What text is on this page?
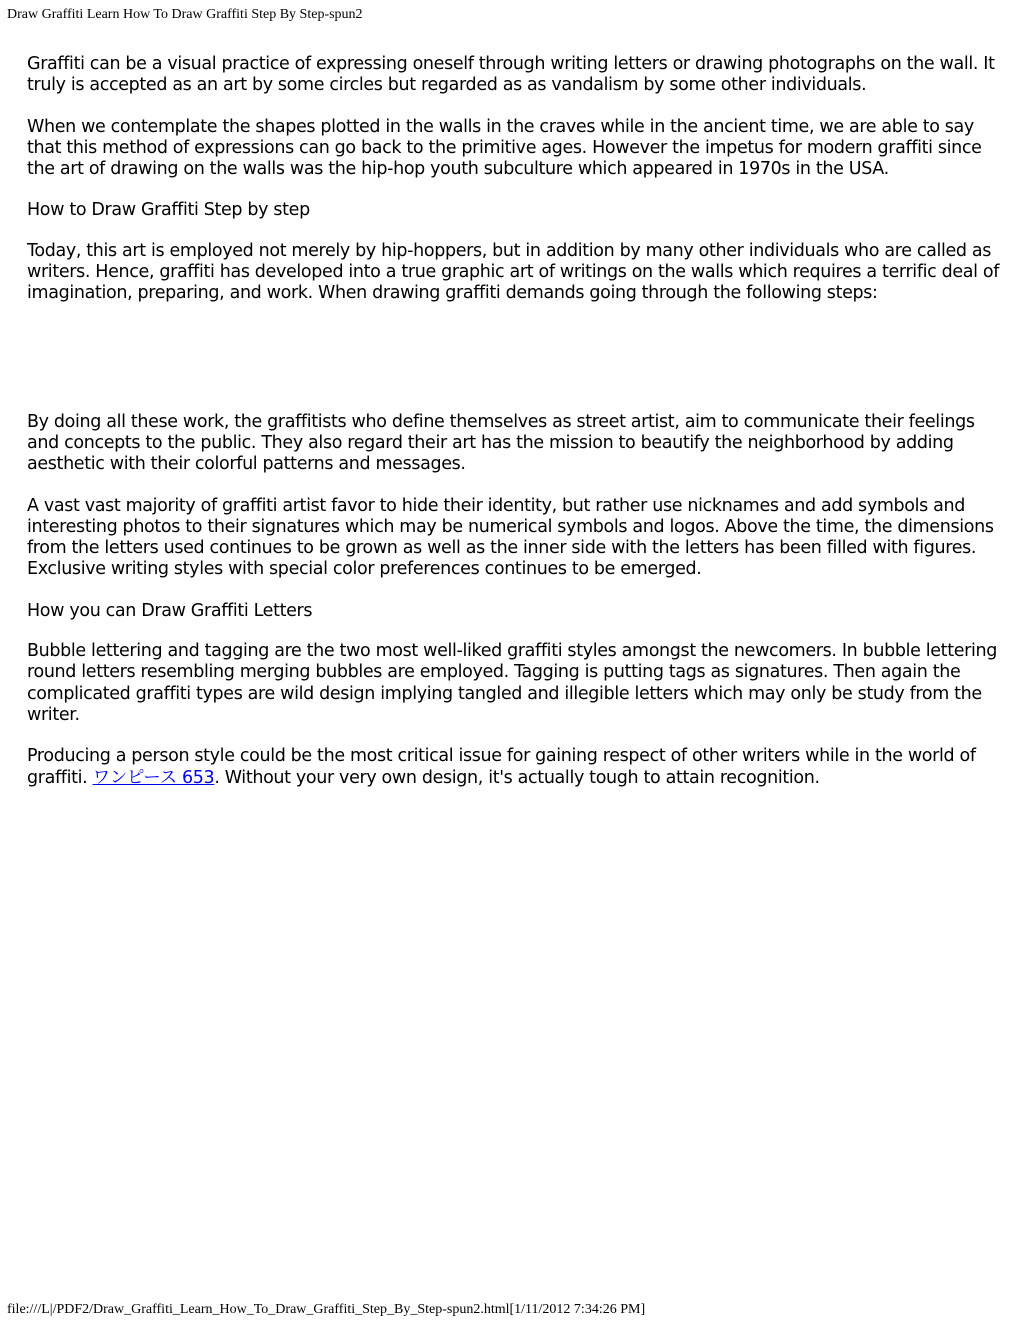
Draw Graffiti Learn How To Draw Graffiti Step By Step-spun2

Graffiti can be a visual practice of expressing oneself through writing letters or drawing photographs on the wall. It truly is accepted as an art by some circles but regarded as as vandalism by some other individuals.

When we contemplate the shapes plotted in the walls in the craves while in the ancient time, we are able to say that this method of expressions can go back to the primitive ages. However the impetus for modern graffiti since the art of drawing on the walls was the hip-hop youth subculture which appeared in 1970s in the USA.

How to Draw Graffiti Step by step

Today, this art is employed not merely by hip-hoppers, but in addition by many other individuals who are called as writers. Hence, graffiti has developed into a true graphic art of writings on the walls which requires a terrific deal of imagination, preparing, and work. When drawing graffiti demands going through the following steps:

By doing all these work, the graffitists who define themselves as street artist, aim to communicate their feelings and concepts to the public. They also regard their art has the mission to beautify the neighborhood by adding aesthetic with their colorful patterns and messages.

A vast vast majority of graffiti artist favor to hide their identity, but rather use nicknames and add symbols and interesting photos to their signatures which may be numerical symbols and logos. Above the time, the dimensions from the letters used continues to be grown as well as the inner side with the letters has been filled with figures. Exclusive writing styles with special color preferences continues to be emerged.

How you can Draw Graffiti Letters

Bubble lettering and tagging are the two most well-liked graffiti styles amongst the newcomers. In bubble lettering round letters resembling merging bubbles are employed. Tagging is putting tags as signatures. Then again the complicated graffiti types are wild design implying tangled and illegible letters which may only be study from the writer.

Producing a person style could be the most critical issue for gaining respect of other writers while in the world of graffiti. ワンピース 653. Without your very own design, it's actually tough to attain recognition.

file:///L|/PDF2/Draw_Graffiti_Learn_How_To_Draw_Graffiti_Step_By_Step-spun2.html[1/11/2012 7:34:26 PM]
